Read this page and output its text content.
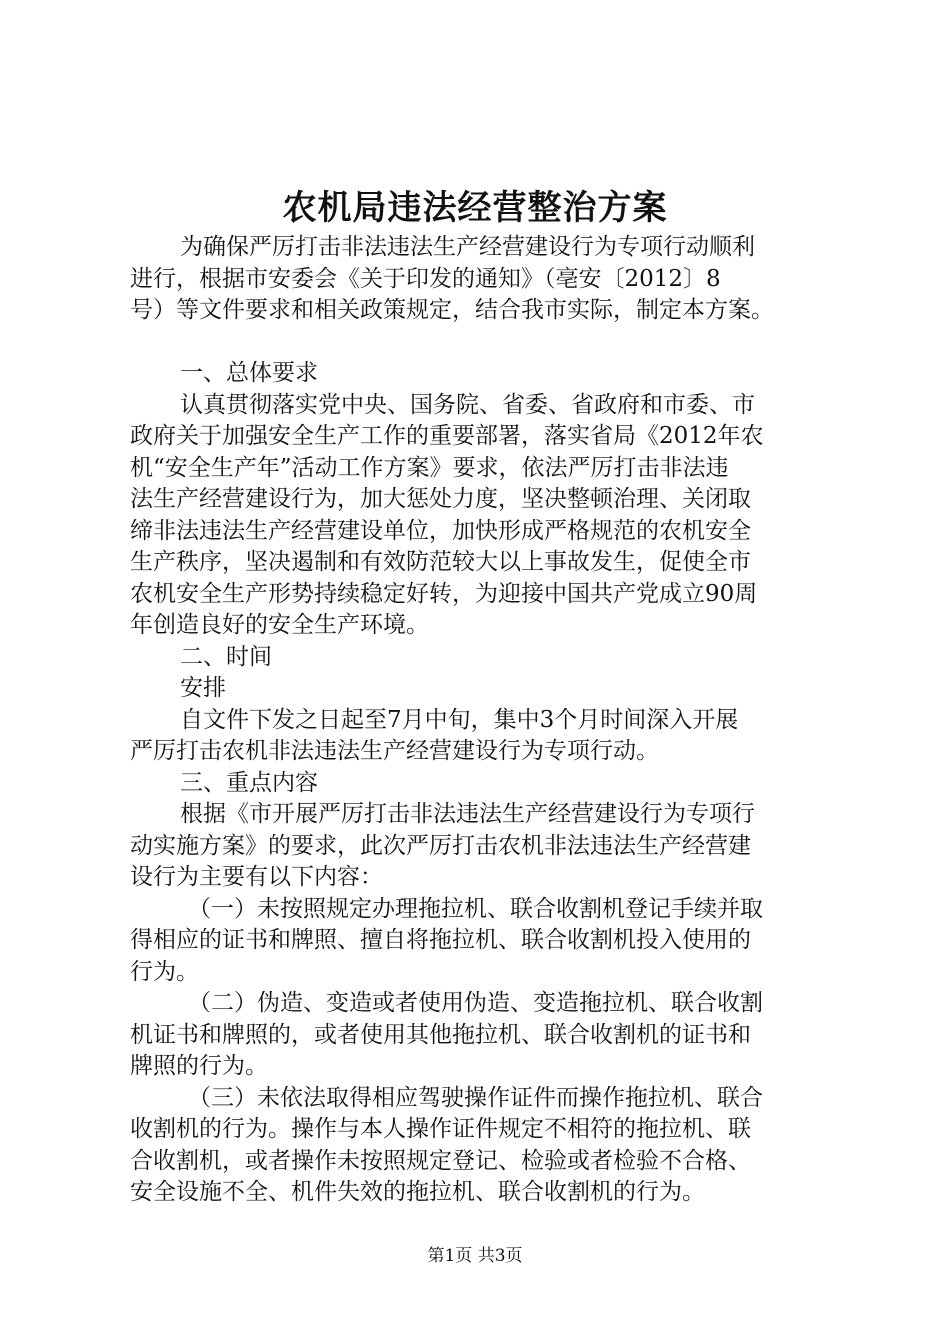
农机局违法经营整治方案

为确保严厉打击非法违法生产经营建设行为专项行动顺利

进行，根据市安委会《关于印发的通知》（亳安〔2012〕8

号）等文件要求和相关政策规定，结合我市实际，制定本方案。

一、总体要求

认真贯彻落实党中央、国务院、省委、省政府和市委、市

政府关于加强安全生产工作的重要部署，落实省局《2012年农

机“安全生产年”活动工作方案》要求，依法严厉打击非法违

法生产经营建设行为，加大惩处力度，坚决整顿治理、关闭取

缔非法违法生产经营建设单位，加快形成严格规范的农机安全

生产秩序，坚决遏制和有效防范较大以上事故发生，促使全市

农机安全生产形势持续稳定好转，为迎接中国共产党成立90周

年创造良好的安全生产环境。

二、时间

安排

自文件下发之日起至7月中旬，集中3个月时间深入开展

严厉打击农机非法违法生产经营建设行为专项行动。

三、重点内容

根据《市开展严厉打击非法违法生产经营建设行为专项行

动实施方案》的要求，此次严厉打击农机非法违法生产经营建

设行为主要有以下内容：

（一）未按照规定办理拖拉机、联合收割机登记手续并取

得相应的证书和牌照、擅自将拖拉机、联合收割机投入使用的

行为。

（二）伪造、变造或者使用伪造、变造拖拉机、联合收割

机证书和牌照的，或者使用其他拖拉机、联合收割机的证书和

牌照的行为。

（三）未依法取得相应驾驶操作证件而操作拖拉机、联合

收割机的行为。操作与本人操作证件规定不相符的拖拉机、联

合收割机，或者操作未按照规定登记、检验或者检验不合格、

安全设施不全、机件失效的拖拉机、联合收割机的行为。

第1页 共3页
